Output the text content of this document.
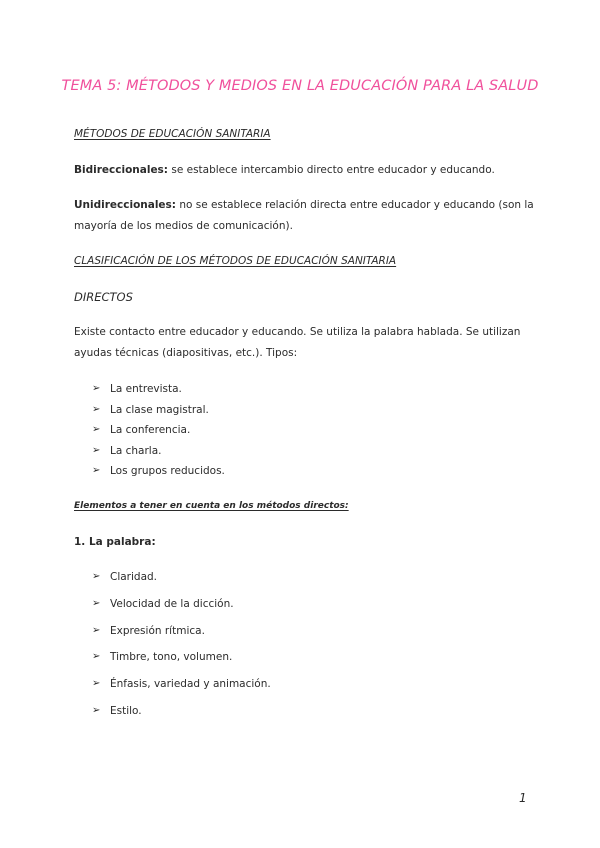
TEMA 5: MÉTODOS Y MEDIOS EN LA EDUCACIÓN PARA LA SALUD
MÉTODOS DE EDUCACIÓN SANITARIA
Bidireccionales: se establece intercambio directo entre educador y educando.
Unidireccionales: no se establece relación directa entre educador y educando (son la mayoría de los medios de comunicación).
CLASIFICACIÓN DE LOS MÉTODOS DE EDUCACIÓN SANITARIA
DIRECTOS
Existe contacto entre educador y educando. Se utiliza la palabra hablada. Se utilizan ayudas técnicas (diapositivas, etc.). Tipos:
➢ La entrevista.
➢ La clase magistral.
➢ La conferencia.
➢ La charla.
➢ Los grupos reducidos.
Elementos a tener en cuenta en los métodos directos:
1. La palabra:
➢ Claridad.
➢ Velocidad de la dicción.
➢ Expresión rítmica.
➢ Timbre, tono, volumen.
➢ Énfasis, variedad y animación.
➢ Estilo.
1
